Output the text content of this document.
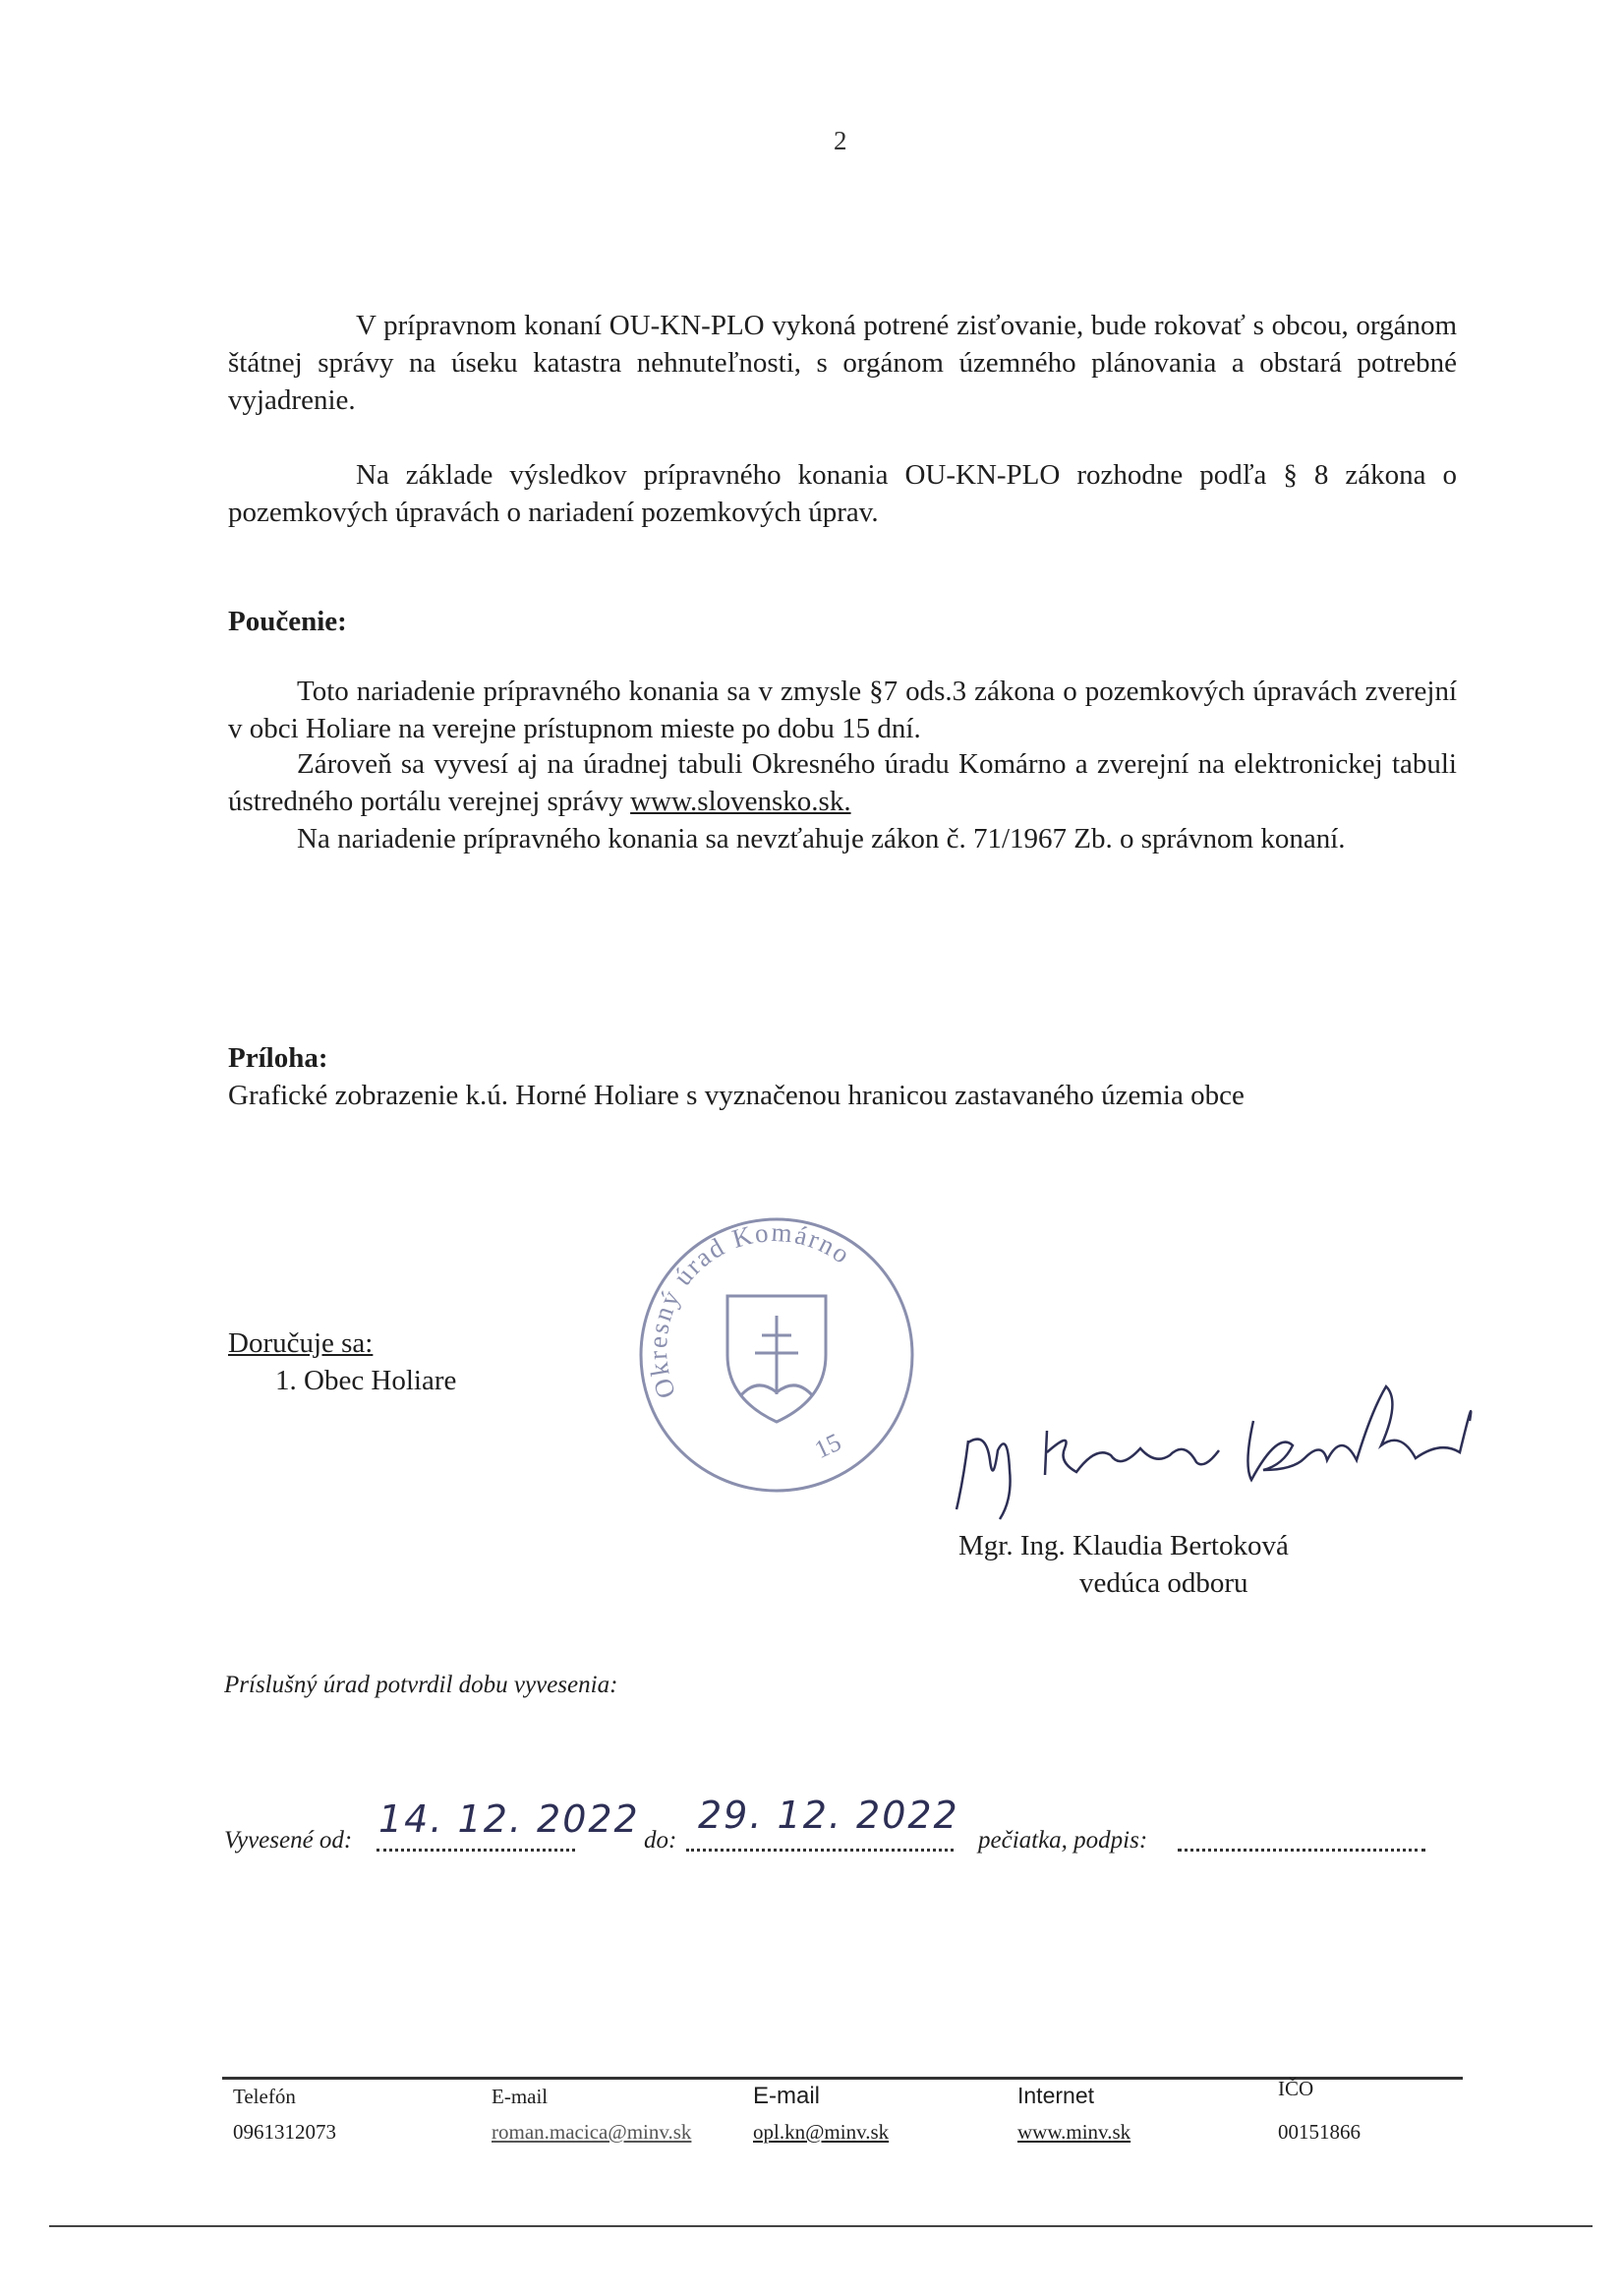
2

V prípravnom konaní OU-KN-PLO vykoná potrené zisťovanie, bude rokovať s obcou, orgánom štátnej správy na úseku katastra nehnuteľnosti, s orgánom územného plánovania a obstará potrebné vyjadrenie.

Na základe výsledkov prípravného konania OU-KN-PLO rozhodne podľa § 8 zákona o pozemkových úpravách o nariadení pozemkových úprav.

Poučenie:

Toto nariadenie prípravného konania sa v zmysle §7 ods.3 zákona o pozemkových úpravách zverejní v obci Holiare na verejne prístupnom mieste po dobu 15 dní.

Zároveň sa vyvesí aj na úradnej tabuli Okresného úradu Komárno a zverejní na elektronickej tabuli ústredného portálu verejnej správy www.slovensko.sk.

Na nariadenie prípravného konania sa nevzťahuje zákon č. 71/1967 Zb. o správnom konaní.

Príloha:
Grafické zobrazenie k.ú. Horné Holiare s vyznačenou hranicou zastavaného územia obce
Doručuje sa:
1. Obec Holiare	Okresný úrad Komárno
15
Mgr. Ing. Klaudia Bertoková
vedúca odboru
Príslušný úrad potvrdil dobu vyvesenia:
Vyvesené od: 14. 12. 2022 do:
29. 12. 2022
pečiatka, podpis:
Telefón
0961312073
E-mail
roman.macica@minv.sk
E-mail
opl.kn@minv.sk
Internet
www.minv.sk
IČO
00151866
